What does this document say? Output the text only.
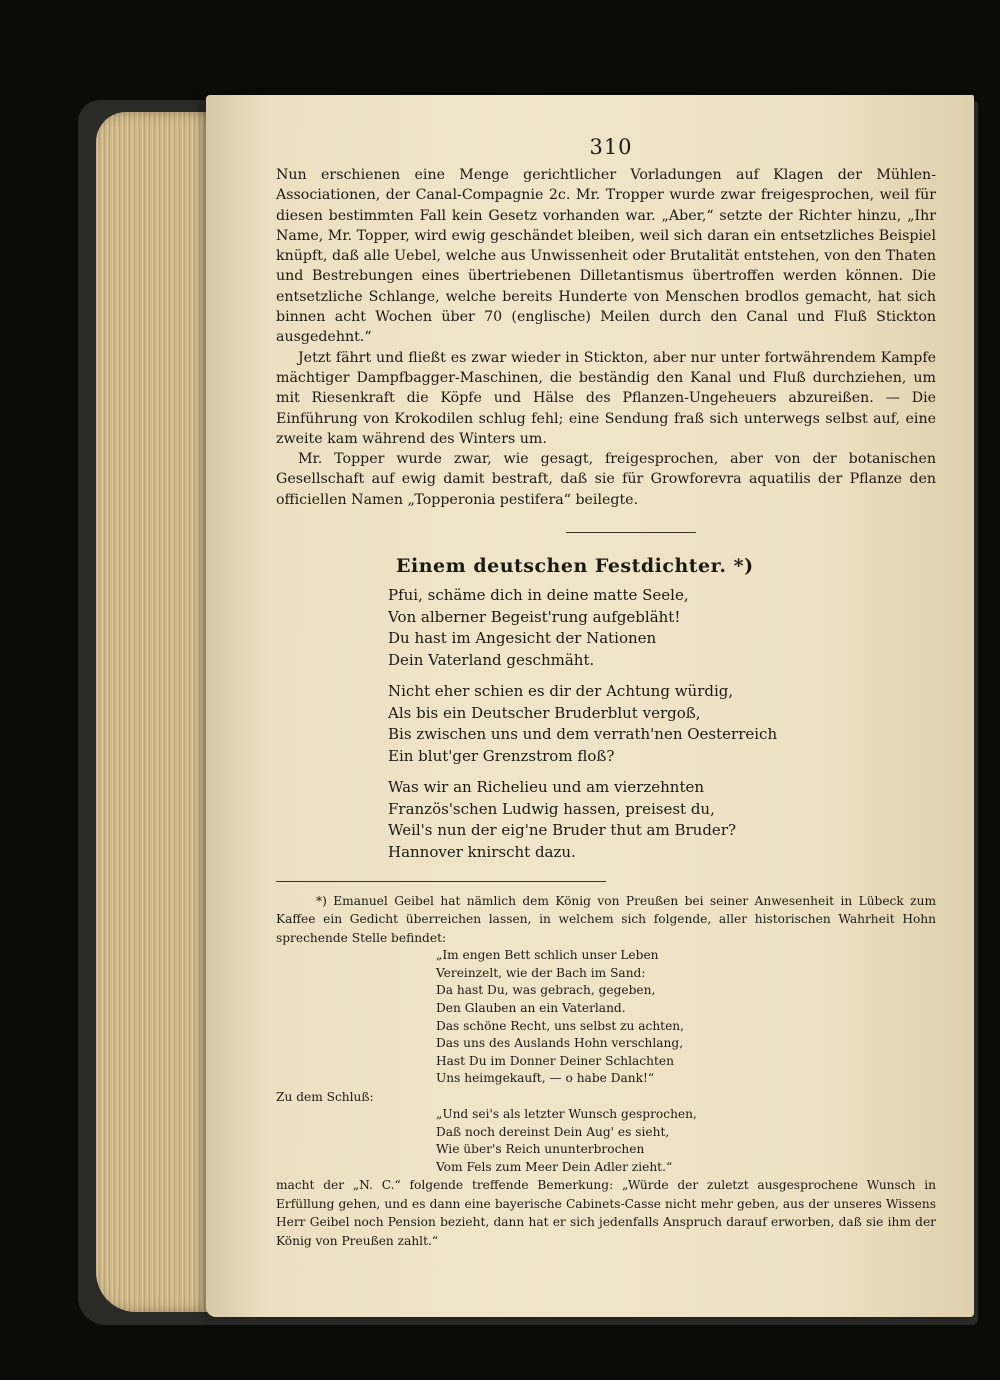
310

Nun erschienen eine Menge gerichtlicher Vorladungen auf Klagen der Mühlen-Associationen, der Canal-Compagnie 2c. Mr. Tropper wurde zwar freigesprochen, weil für diesen bestimmten Fall kein Gesetz vorhanden war. „Aber,“ setzte der Richter hinzu, „Ihr Name, Mr. Topper, wird ewig geschändet bleiben, weil sich daran ein entsetzliches Beispiel knüpft, daß alle Uebel, welche aus Unwissenheit oder Brutalität entstehen, von den Thaten und Bestrebungen eines übertriebenen Dilletantismus übertroffen werden können. Die entsetzliche Schlange, welche bereits Hunderte von Menschen brodlos gemacht, hat sich binnen acht Wochen über 70 (englische) Meilen durch den Canal und Fluß Stickton ausgedehnt.“

Jetzt fährt und fließt es zwar wieder in Stickton, aber nur unter fortwährendem Kampfe mächtiger Dampfbagger-Maschinen, die beständig den Kanal und Fluß durchziehen, um mit Riesenkraft die Köpfe und Hälse des Pflanzen-Ungeheuers abzureißen. — Die Einführung von Krokodilen schlug fehl; eine Sendung fraß sich unterwegs selbst auf, eine zweite kam während des Winters um.

Mr. Topper wurde zwar, wie gesagt, freigesprochen, aber von der botanischen Gesellschaft auf ewig damit bestraft, daß sie für Growforevra aquatilis der Pflanze den officiellen Namen „Topperonia pestifera“ beilegte.

Einem deutschen Festdichter. *)
Pfui, schäme dich in deine matte Seele,
Von alberner Begeist'rung aufgebläht!
Du hast im Angesicht der Nationen
Dein Vaterland geschmäht.
Nicht eher schien es dir der Achtung würdig,
Als bis ein Deutscher Bruderblut vergoß,
Bis zwischen uns und dem verrath'nen Oesterreich
Ein blut'ger Grenzstrom floß?
Was wir an Richelieu und am vierzehnten
Französ'schen Ludwig hassen, preisest du,
Weil's nun der eig'ne Bruder thut am Bruder?
Hannover knirscht dazu.

*) Emanuel Geibel hat nämlich dem König von Preußen bei seiner Anwesenheit in Lübeck zum Kaffee ein Gedicht überreichen lassen, in welchem sich folgende, aller historischen Wahrheit Hohn sprechende Stelle befindet:

„Im engen Bett schlich unser Leben
Vereinzelt, wie der Bach im Sand:
Da hast Du, was gebrach, gegeben,
Den Glauben an ein Vaterland.
Das schöne Recht, uns selbst zu achten,
Das uns des Auslands Hohn verschlang,
Hast Du im Donner Deiner Schlachten
Uns heimgekauft, — o habe Dank!“
Zu dem Schluß:
„Und sei's als letzter Wunsch gesprochen,
Daß noch dereinst Dein Aug' es sieht,
Wie über's Reich ununterbrochen
Vom Fels zum Meer Dein Adler zieht.“

macht der „N. C.“ folgende treffende Bemerkung: „Würde der zuletzt ausgesprochene Wunsch in Erfüllung gehen, und es dann eine bayerische Cabinets-Casse nicht mehr geben, aus der unseres Wissens Herr Geibel noch Pension bezieht, dann hat er sich jedenfalls Anspruch darauf erworben, daß sie ihm der König von Preußen zahlt.“
